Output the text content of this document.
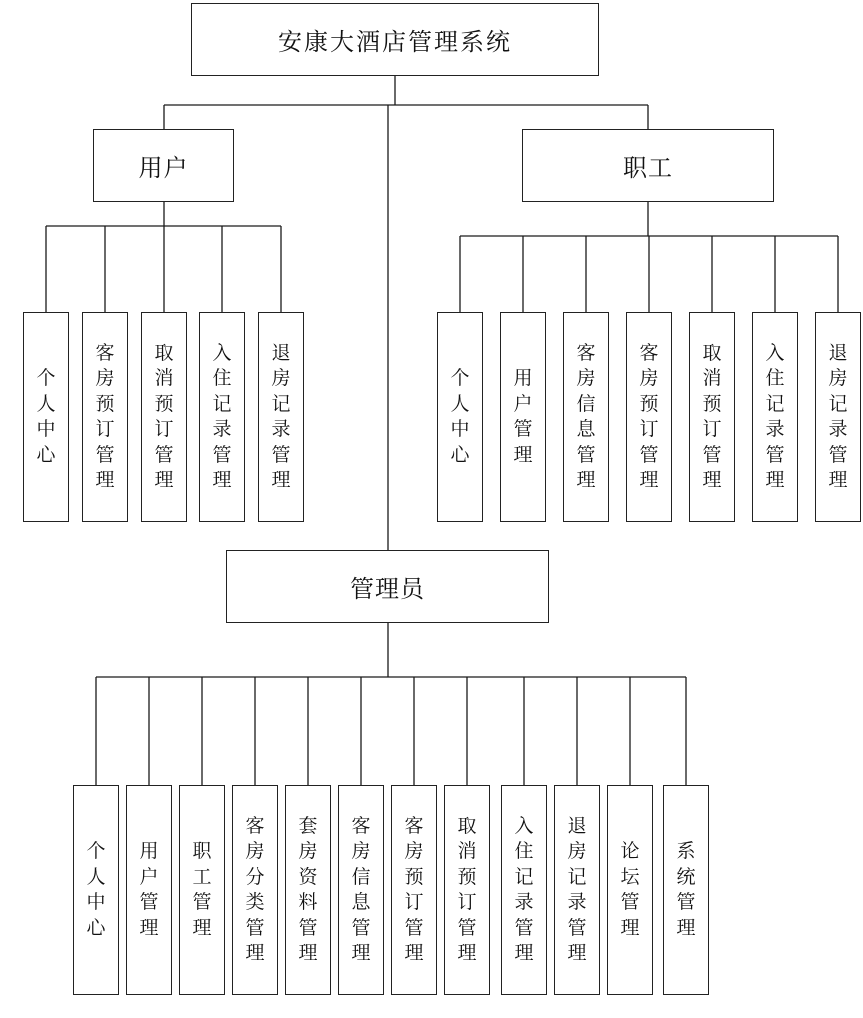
安康大酒店管理系统
用户
个人中心
客房预订管理
取消预订管理
入住记录管理
退房记录管理
职工
个人中心
用户管理
客房信息管理
客房预订管理
取消预订管理
入住记录管理
退房记录管理
管理员
个人中心
用户管理
职工管理
客房分类管理
套房资料管理
客房信息管理
客房预订管理
取消预订管理
入住记录管理
退房记录管理
论坛管理
系统管理
